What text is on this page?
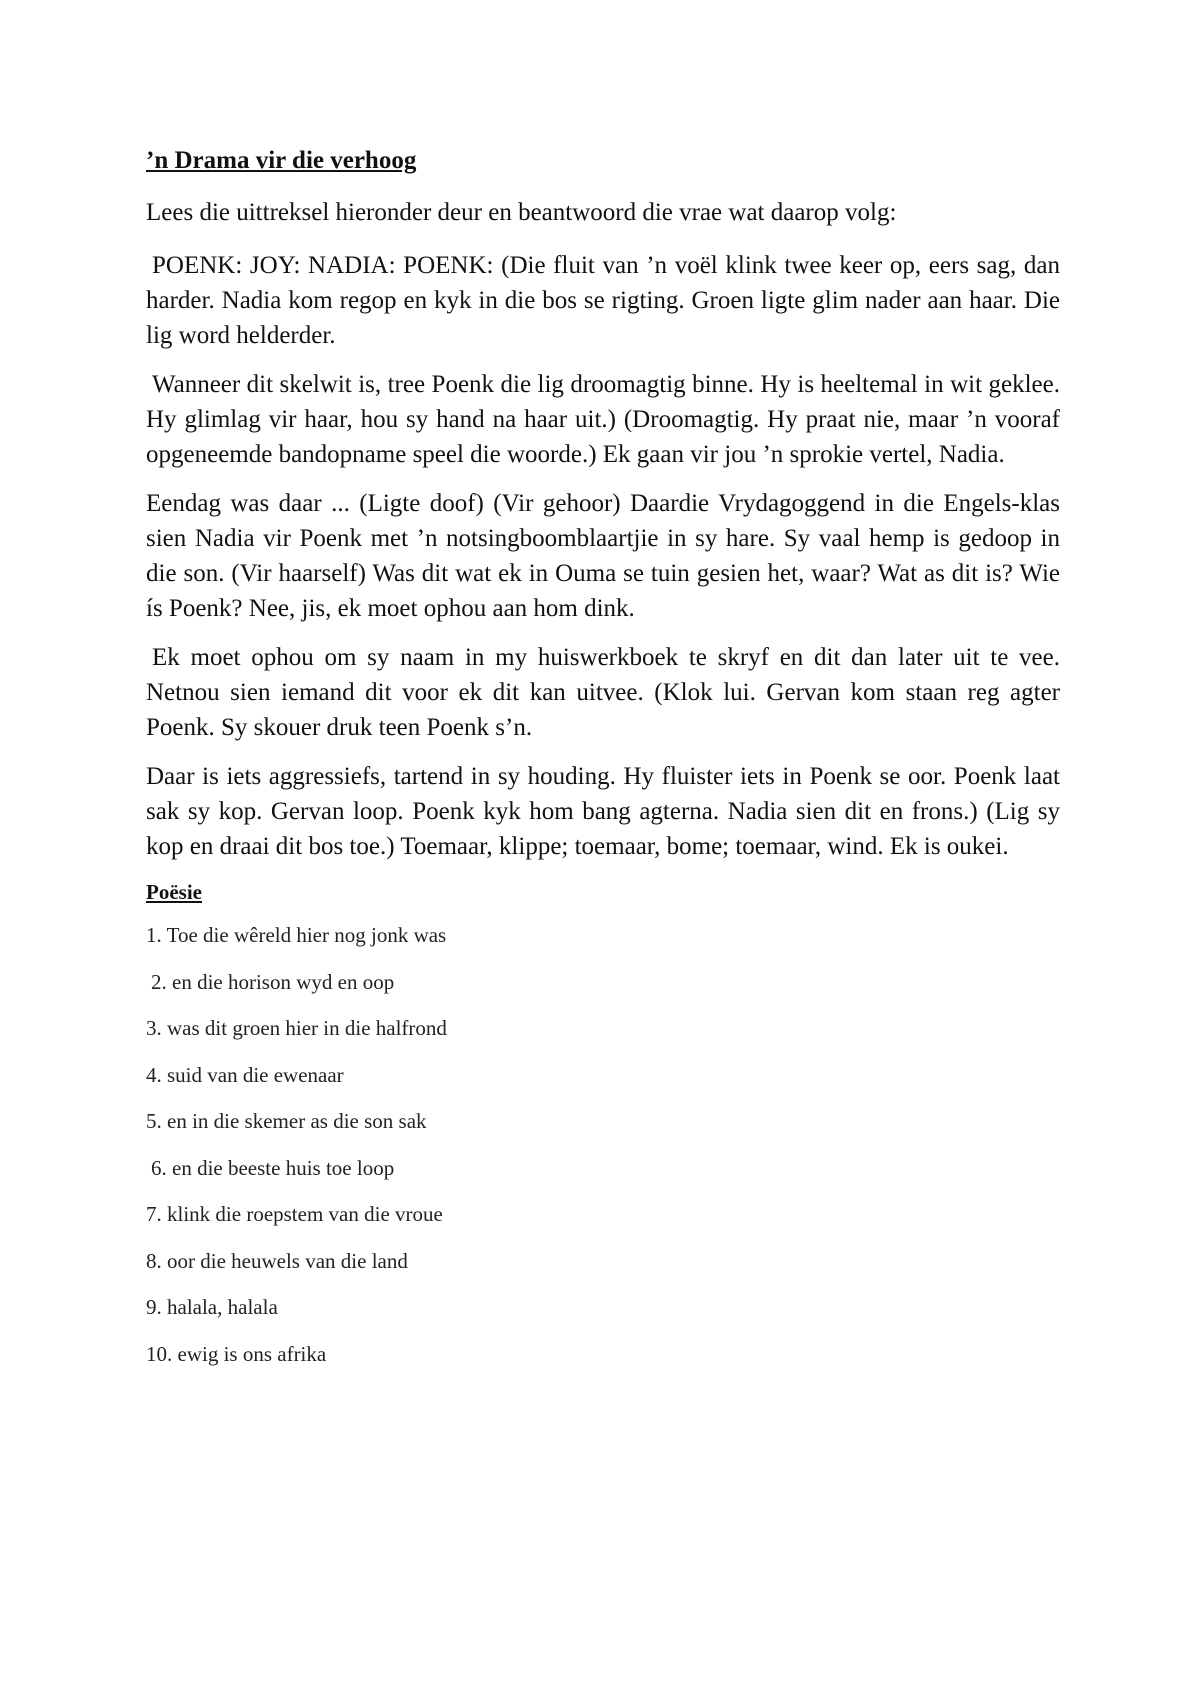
’n Drama vir die verhoog
Lees die uittreksel hieronder deur en beantwoord die vrae wat daarop volg:

POENK: JOY: NADIA: POENK: (Die fluit van ’n voël klink twee keer op, eers sag, dan harder. Nadia kom regop en kyk in die bos se rigting. Groen ligte glim nader aan haar. Die lig word helderder.

Wanneer dit skelwit is, tree Poenk die lig droomagtig binne. Hy is heeltemal in wit geklee. Hy glimlag vir haar, hou sy hand na haar uit.) (Droomagtig. Hy praat nie, maar ’n vooraf opgeneemde bandopname speel die woorde.) Ek gaan vir jou ’n sprokie vertel, Nadia.

Eendag was daar ... (Ligte doof) (Vir gehoor) Daardie Vrydagoggend in die Engels-klas sien Nadia vir Poenk met ’n notsingboomblaartjie in sy hare. Sy vaal hemp is gedoop in die son. (Vir haarself) Was dit wat ek in Ouma se tuin gesien het, waar? Wat as dit is? Wie ís Poenk? Nee, jis, ek moet ophou aan hom dink.

Ek moet ophou om sy naam in my huiswerkboek te skryf en dit dan later uit te vee. Netnou sien iemand dit voor ek dit kan uitvee. (Klok lui. Gervan kom staan reg agter Poenk. Sy skouer druk teen Poenk s’n.

Daar is iets aggressiefs, tartend in sy houding. Hy fluister iets in Poenk se oor. Poenk laat sak sy kop. Gervan loop. Poenk kyk hom bang agterna. Nadia sien dit en frons.) (Lig sy kop en draai dit bos toe.) Toemaar, klippe; toemaar, bome; toemaar, wind. Ek is oukei.

Poësie
1. Toe die wêreld hier nog jonk was
2. en die horison wyd en oop
3. was dit groen hier in die halfrond
4. suid van die ewenaar
5. en in die skemer as die son sak
6. en die beeste huis toe loop
7. klink die roepstem van die vroue
8. oor die heuwels van die land
9. halala, halala
10. ewig is ons afrika
